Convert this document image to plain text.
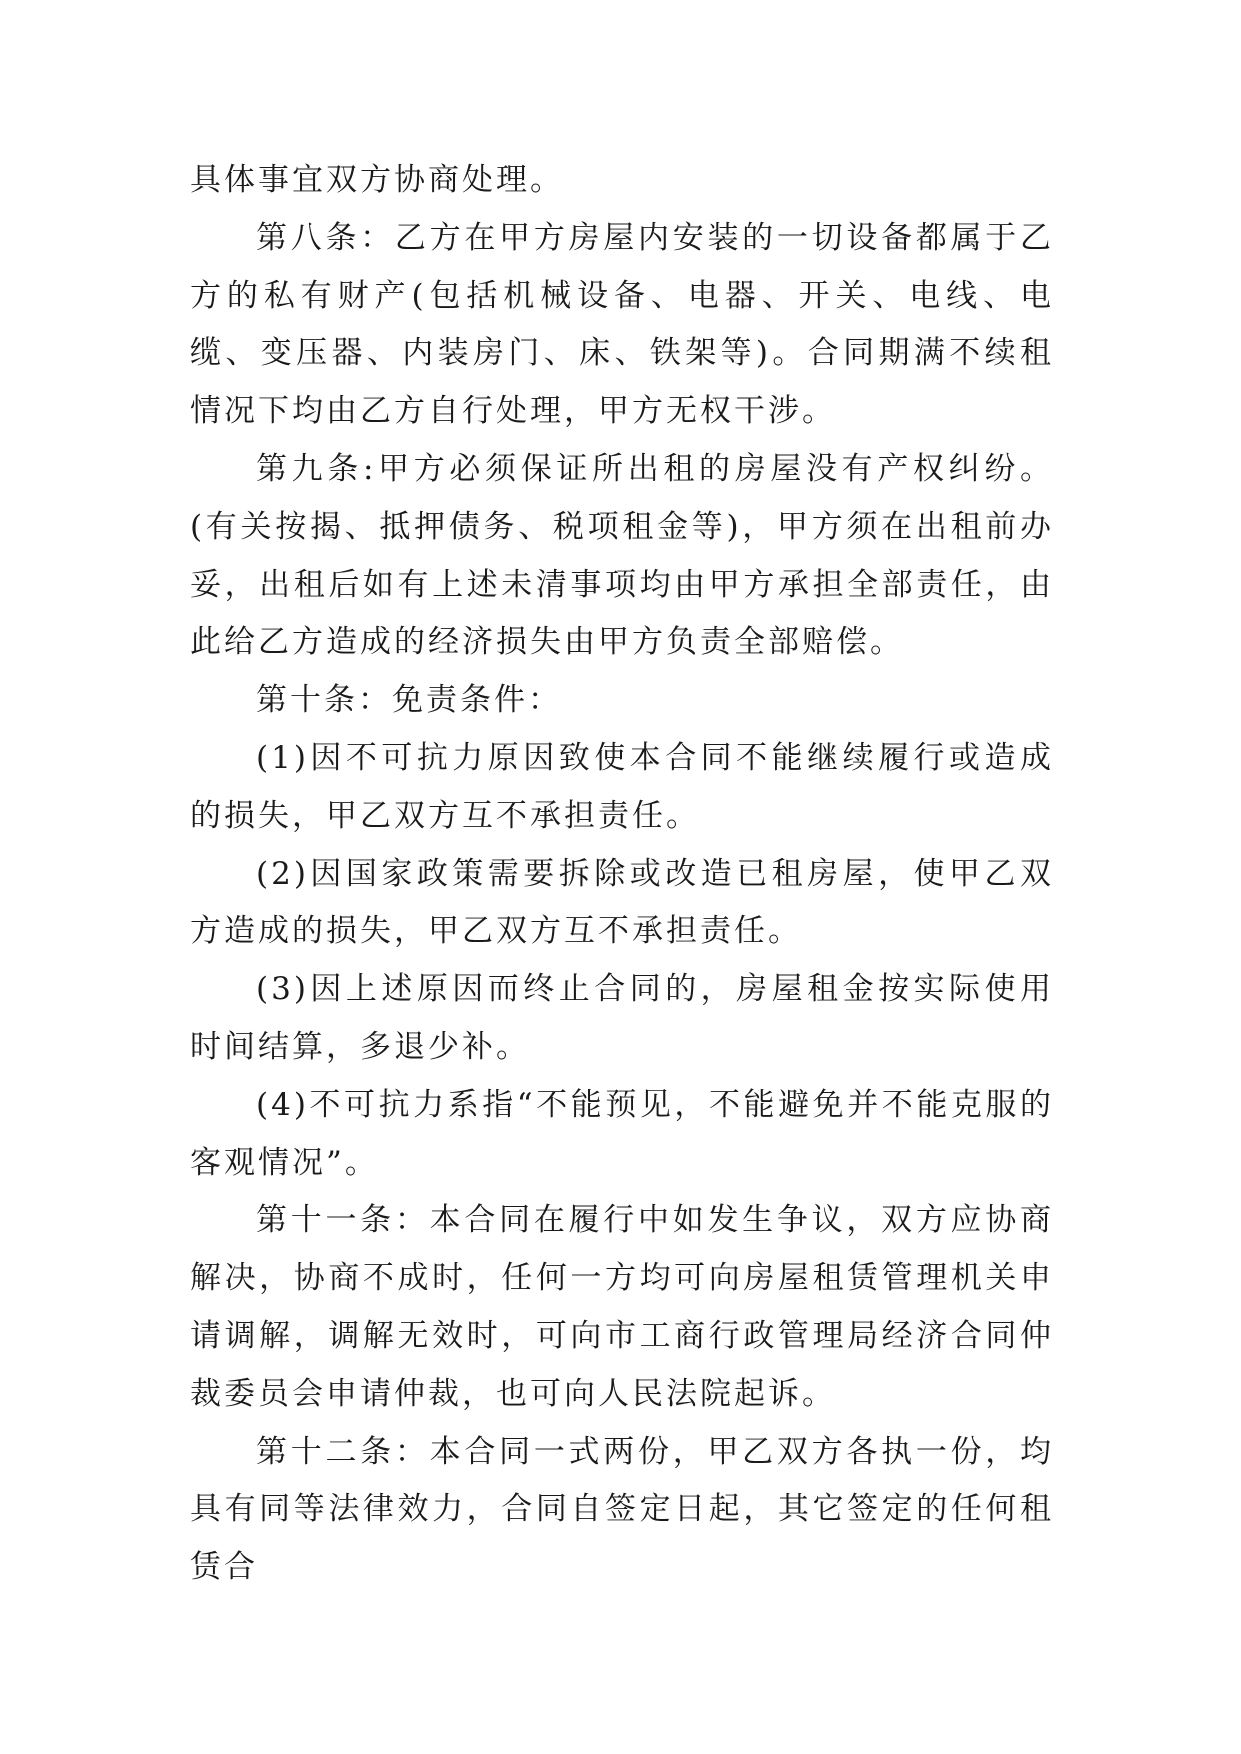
具体事宜双方协商处理。

第八条：乙方在甲方房屋内安装的一切设备都属于乙方的私有财产(包括机械设备、电器、开关、电线、电缆、变压器、内装房门、床、铁架等)。合同期满不续租情况下均由乙方自行处理，甲方无权干涉。

第九条:甲方必须保证所出租的房屋没有产权纠纷。(有关按揭、抵押债务、税项租金等)，甲方须在出租前办妥，出租后如有上述未清事项均由甲方承担全部责任，由此给乙方造成的经济损失由甲方负责全部赔偿。

第十条：免责条件：

(1)因不可抗力原因致使本合同不能继续履行或造成的损失，甲乙双方互不承担责任。

(2)因国家政策需要拆除或改造已租房屋，使甲乙双方造成的损失，甲乙双方互不承担责任。

(3)因上述原因而终止合同的，房屋租金按实际使用时间结算，多退少补。

(4)不可抗力系指“不能预见，不能避免并不能克服的客观情况”。

第十一条：本合同在履行中如发生争议，双方应协商解决，协商不成时，任何一方均可向房屋租赁管理机关申请调解，调解无效时，可向市工商行政管理局经济合同仲裁委员会申请仲裁，也可向人民法院起诉。

第十二条：本合同一式两份，甲乙双方各执一份，均具有同等法律效力，合同自签定日起，其它签定的任何租赁合
